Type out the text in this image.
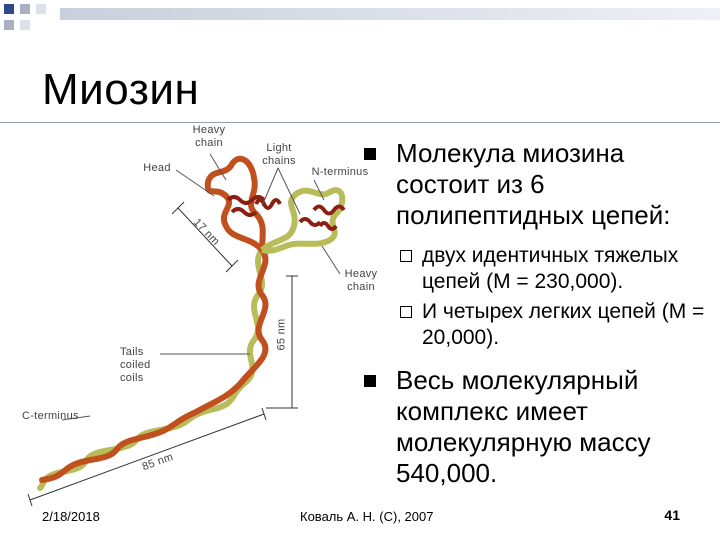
Миозин
Heavy
chain	Light
chains
Head	N-terminus
17 nm
Heavy
chain
65 nm
Tails
coiled
coils
C-terminus
85 nm
Молекула миозина состоит из 6 полипептидных цепей:
двух идентичных тяжелых цепей (М = 230,000).
И четырех легких цепей (М = 20,000).
Весь молекулярный комплекс имеет молекулярную массу 540,000.
2/18/2018	Коваль А. Н. (C), 2007	41
